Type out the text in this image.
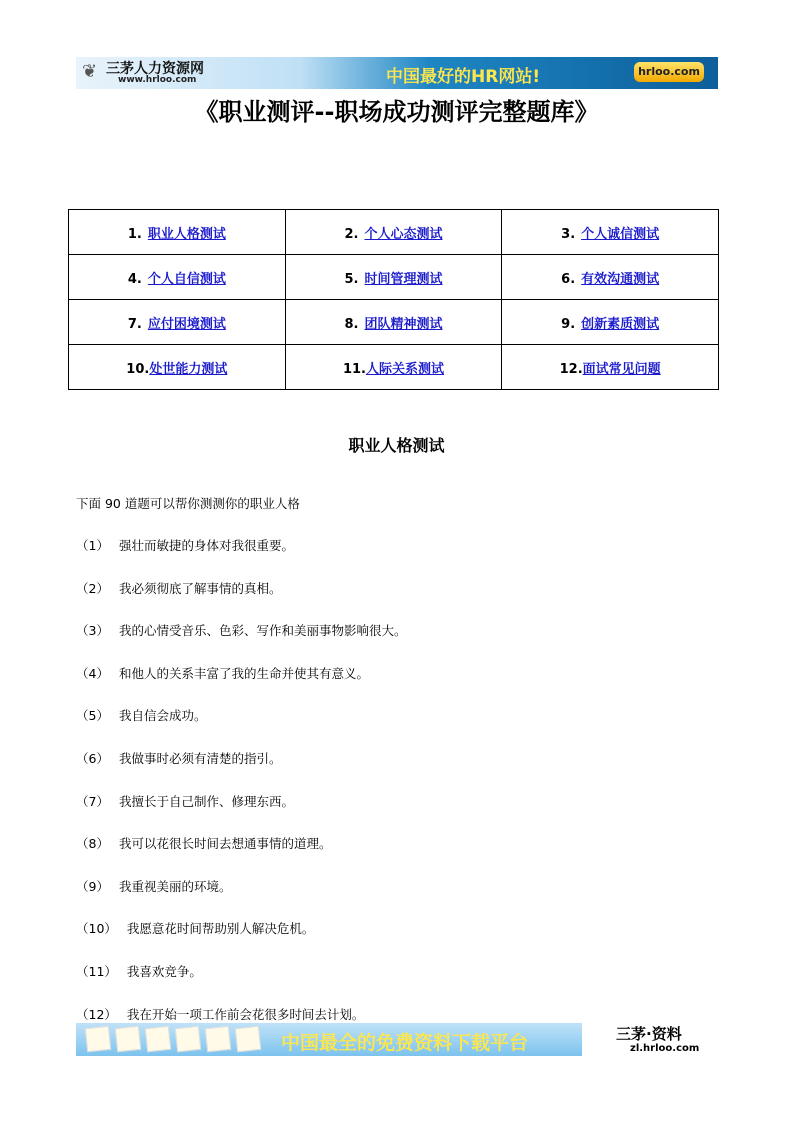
❦ 三茅人力资源网
www.hrloo.com	中国最好的HR网站!	hrloo.com
《职业测评--职场成功测评完整题库》
1. 职业人格测试	2. 个人心态测试	3. 个人诚信测试
4. 个人自信测试	5. 时间管理测试	6. 有效沟通测试
7. 应付困境测试	8. 团队精神测试	9. 创新素质测试
10.处世能力测试	11.人际关系测试	12.面试常见问题
职业人格测试
下面 90 道题可以帮你测测你的职业人格
（1） 强壮而敏捷的身体对我很重要。
（2） 我必须彻底了解事情的真相。
（3） 我的心情受音乐、色彩、写作和美丽事物影响很大。
（4） 和他人的关系丰富了我的生命并使其有意义。
（5） 我自信会成功。
（6） 我做事时必须有清楚的指引。
（7） 我擅长于自己制作、修理东西。
（8） 我可以花很长时间去想通事情的道理。
（9） 我重视美丽的环境。
（10） 我愿意花时间帮助别人解决危机。
（11） 我喜欢竞争。
（12） 我在开始一项工作前会花很多时间去计划。
中国最全的免费资料下载平台	三茅·资料
zl.hrloo.com
